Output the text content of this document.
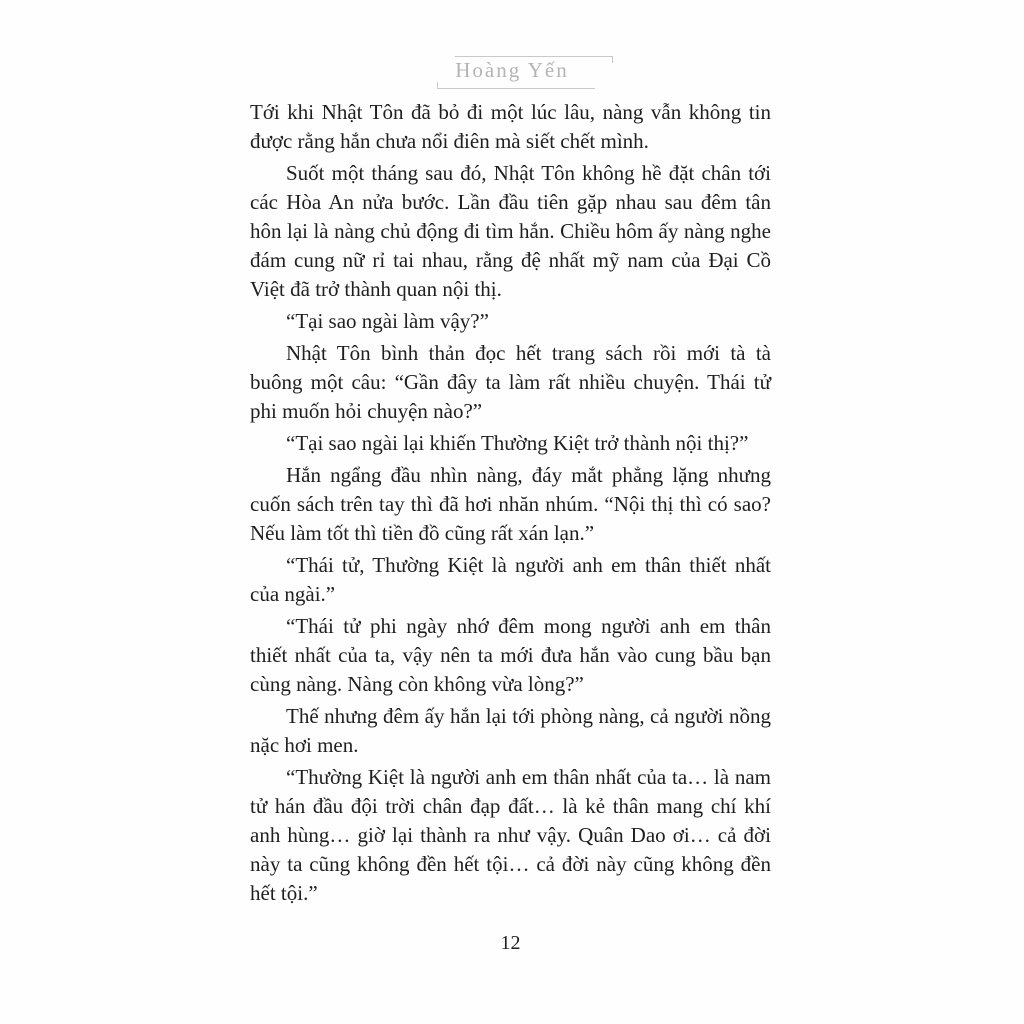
Hoàng Yến

Tới khi Nhật Tôn đã bỏ đi một lúc lâu, nàng vẫn không tin được rằng hắn chưa nổi điên mà siết chết mình.

Suốt một tháng sau đó, Nhật Tôn không hề đặt chân tới các Hòa An nửa bước. Lần đầu tiên gặp nhau sau đêm tân hôn lại là nàng chủ động đi tìm hắn. Chiều hôm ấy nàng nghe đám cung nữ rỉ tai nhau, rằng đệ nhất mỹ nam của Đại Cồ Việt đã trở thành quan nội thị.

“Tại sao ngài làm vậy?”

Nhật Tôn bình thản đọc hết trang sách rồi mới tà tà buông một câu: “Gần đây ta làm rất nhiều chuyện. Thái tử phi muốn hỏi chuyện nào?”

“Tại sao ngài lại khiến Thường Kiệt trở thành nội thị?”

Hắn ngẩng đầu nhìn nàng, đáy mắt phẳng lặng nhưng cuốn sách trên tay thì đã hơi nhăn nhúm. “Nội thị thì có sao? Nếu làm tốt thì tiền đồ cũng rất xán lạn.”

“Thái tử, Thường Kiệt là người anh em thân thiết nhất của ngài.”

“Thái tử phi ngày nhớ đêm mong người anh em thân thiết nhất của ta, vậy nên ta mới đưa hắn vào cung bầu bạn cùng nàng. Nàng còn không vừa lòng?”

Thế nhưng đêm ấy hắn lại tới phòng nàng, cả người nồng nặc hơi men.

“Thường Kiệt là người anh em thân nhất của ta… là nam tử hán đầu đội trời chân đạp đất… là kẻ thân mang chí khí anh hùng… giờ lại thành ra như vậy. Quân Dao ơi… cả đời này ta cũng không đền hết tội… cả đời này cũng không đền hết tội.”

12
